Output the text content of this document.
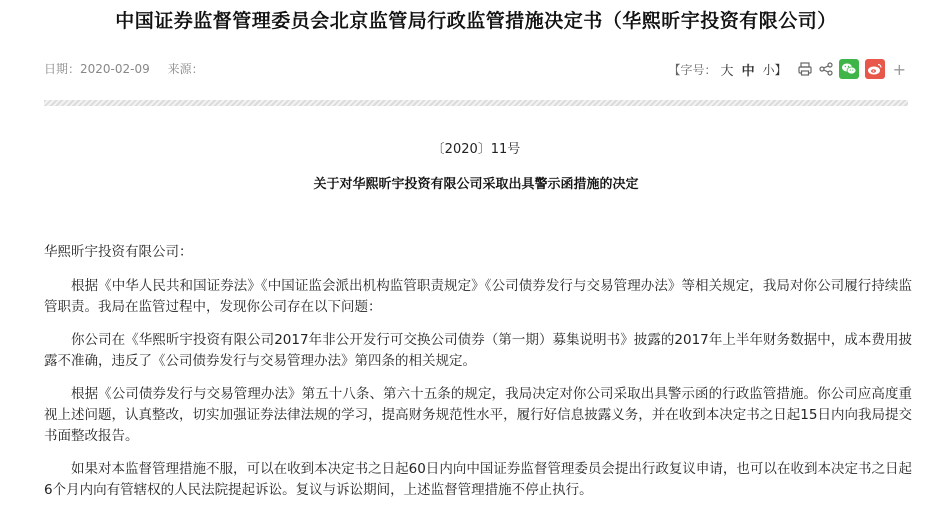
中国证券监督管理委员会北京监管局行政监管措施决定书（华熙昕宇投资有限公司）
日期：2020-02-09 来源：	【字号： 大 中 小】	+
〔2020〕11号
关于对华熙昕宇投资有限公司采取出具警示函措施的决定

华熙昕宇投资有限公司：

根据《中华人民共和国证券法》《中国证监会派出机构监管职责规定》《公司债券发行与交易管理办法》等相关规定，我局对你公司履行持续监管职责。我局在监管过程中，发现你公司存在以下问题：

你公司在《华熙昕宇投资有限公司2017年非公开发行可交换公司债券（第一期）募集说明书》披露的2017年上半年财务数据中，成本费用披露不准确，违反了《公司债券发行与交易管理办法》第四条的相关规定。

根据《公司债券发行与交易管理办法》第五十八条、第六十五条的规定，我局决定对你公司采取出具警示函的行政监管措施。你公司应高度重视上述问题，认真整改，切实加强证券法律法规的学习，提高财务规范性水平，履行好信息披露义务，并在收到本决定书之日起15日内向我局提交书面整改报告。

如果对本监督管理措施不服，可以在收到本决定书之日起60日内向中国证券监督管理委员会提出行政复议申请，也可以在收到本决定书之日起6个月内向有管辖权的人民法院提起诉讼。复议与诉讼期间，上述监督管理措施不停止执行。
